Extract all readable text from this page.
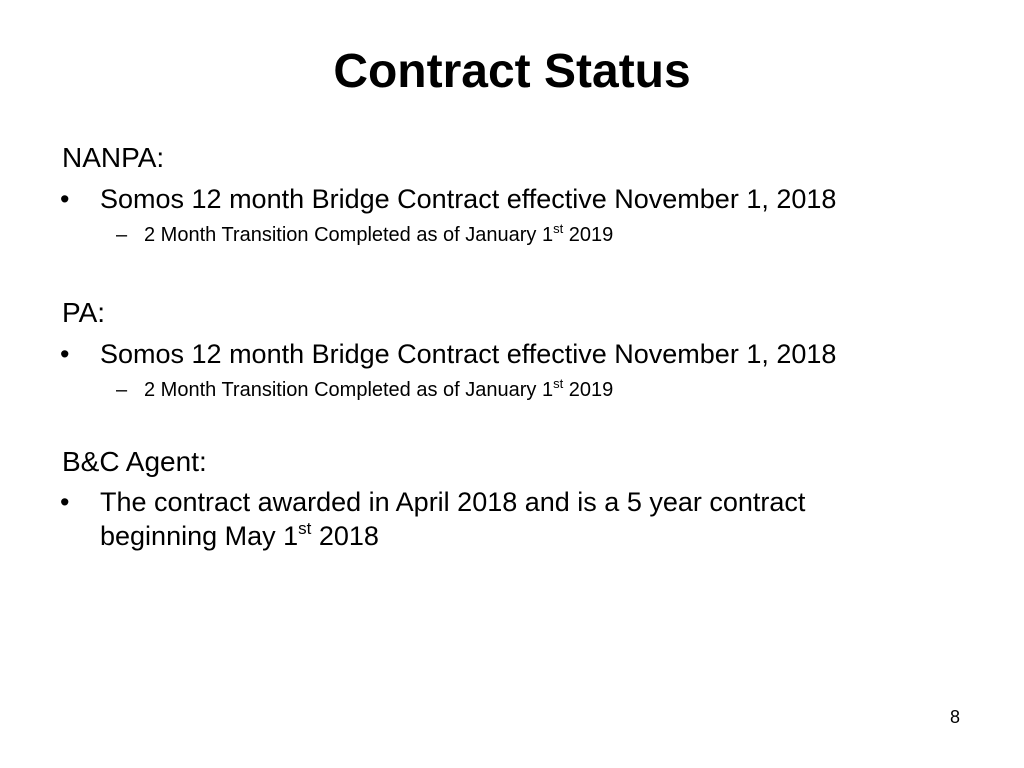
Contract Status
NANPA:
• Somos 12 month Bridge Contract effective November 1, 2018
– 2 Month Transition Completed as of January 1st 2019
PA:
• Somos 12 month Bridge Contract effective November 1, 2018
– 2 Month Transition Completed as of January 1st 2019
B&C Agent:
• The contract awarded in April 2018 and is a 5 year contract
beginning May 1st 2018
8
